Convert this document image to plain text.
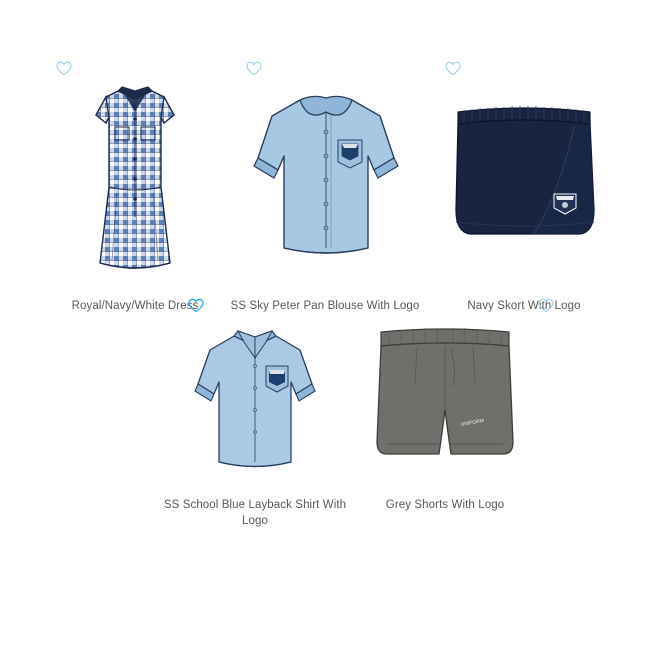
Royal/Navy/White Dress	SS Sky Peter Pan Blouse With Logo	Navy Skort With Logo
SS School Blue Layback Shirt With Logo
UNIFORM
Grey Shorts With Logo
